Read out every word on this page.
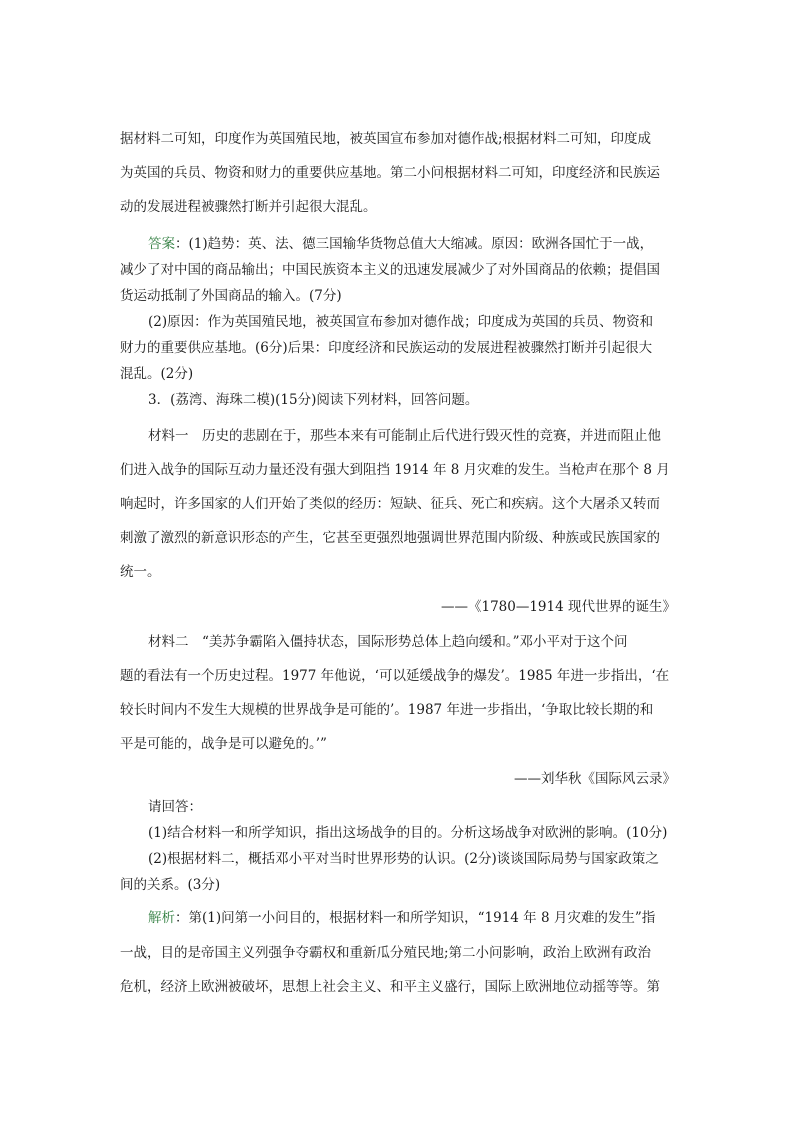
据材料二可知，印度作为英国殖民地，被英国宣布参加对德作战;根据材料二可知，印度成

为英国的兵员、物资和财力的重要供应基地。第二小问根据材料二可知，印度经济和民族运

动的发展进程被骤然打断并引起很大混乱。

答案：(1)趋势：英、法、德三国输华货物总值大大缩减。原因：欧洲各国忙于一战，

减少了对中国的商品输出；中国民族资本主义的迅速发展减少了对外国商品的依赖；提倡国

货运动抵制了外国商品的输入。(7分)

(2)原因：作为英国殖民地，被英国宣布参加对德作战；印度成为英国的兵员、物资和

财力的重要供应基地。(6分)后果：印度经济和民族运动的发展进程被骤然打断并引起很大

混乱。(2分)

3．(荔湾、海珠二模)(15分)阅读下列材料，回答问题。

材料一　历史的悲剧在于，那些本来有可能制止后代进行毁灭性的竞赛，并进而阻止他

们进入战争的国际互动力量还没有强大到阻挡 1914 年 8 月灾难的发生。当枪声在那个 8 月

响起时，许多国家的人们开始了类似的经历：短缺、征兵、死亡和疾病。这个大屠杀又转而

刺激了激烈的新意识形态的产生，它甚至更强烈地强调世界范围内阶级、种族或民族国家的

统一。

——《1780—1914 现代世界的诞生》

材料二　“美苏争霸陷入僵持状态，国际形势总体上趋向缓和。”邓小平对于这个问

题的看法有一个历史过程。1977 年他说，‘可以延缓战争的爆发’。1985 年进一步指出，‘在

较长时间内不发生大规模的世界战争是可能的’。1987 年进一步指出，‘争取比较长期的和

平是可能的，战争是可以避免的。’”

——刘华秋《国际风云录》

请回答：

(1)结合材料一和所学知识，指出这场战争的目的。分析这场战争对欧洲的影响。(10分)

(2)根据材料二，概括邓小平对当时世界形势的认识。(2分)谈谈国际局势与国家政策之

间的关系。(3分)

解析：第(1)问第一小问目的，根据材料一和所学知识，“1914 年 8 月灾难的发生”指

一战，目的是帝国主义列强争夺霸权和重新瓜分殖民地;第二小问影响，政治上欧洲有政治

危机，经济上欧洲被破坏，思想上社会主义、和平主义盛行，国际上欧洲地位动摇等等。第
